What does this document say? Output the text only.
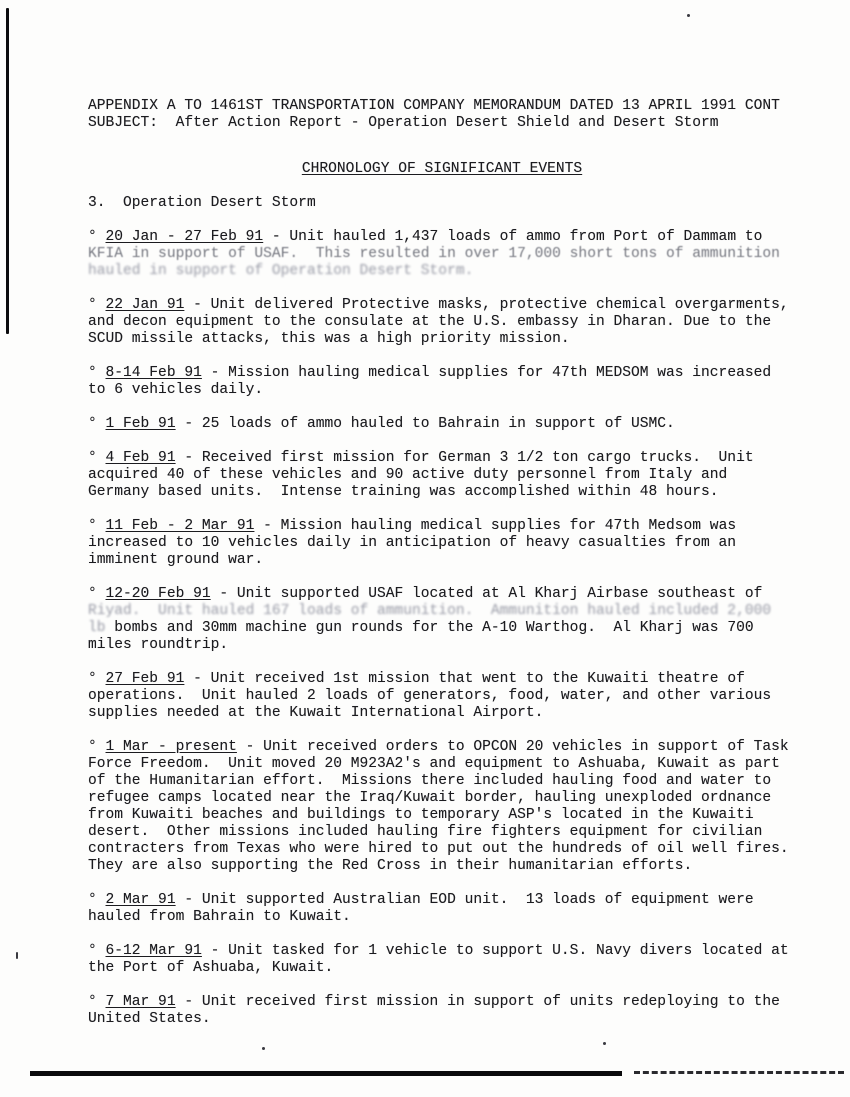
APPENDIX A TO 1461ST TRANSPORTATION COMPANY MEMORANDUM DATED 13 APRIL 1991 CONT

SUBJECT:  After Action Report - Operation Desert Shield and Desert Storm

CHRONOLOGY OF SIGNIFICANT EVENTS

3.  Operation Desert Storm

° 20 Jan - 27 Feb 91 - Unit hauled 1,437 loads of ammo from Port of Dammam to KFIA in support of USAF.  This resulted in over 17,000 short tons of ammunition hauled in support of Operation Desert Storm.

° 22 Jan 91 - Unit delivered Protective masks, protective chemical overgarments, and decon equipment to the consulate at the U.S. embassy in Dharan. Due to the SCUD missile attacks, this was a high priority mission.

° 8-14 Feb 91 - Mission hauling medical supplies for 47th MEDSOM was increased to 6 vehicles daily.

° 1 Feb 91 - 25 loads of ammo hauled to Bahrain in support of USMC.

° 4 Feb 91 - Received first mission for German 3 1/2 ton cargo trucks.  Unit acquired 40 of these vehicles and 90 active duty personnel from Italy and Germany based units.  Intense training was accomplished within 48 hours.

° 11 Feb - 2 Mar 91 - Mission hauling medical supplies for 47th Medsom was increased to 10 vehicles daily in anticipation of heavy casualties from an imminent ground war.

° 12-20 Feb 91 - Unit supported USAF located at Al Kharj Airbase southeast of Riyad.  Unit hauled 167 loads of ammunition.  Ammunition hauled included 2,000 lb bombs and 30mm machine gun rounds for the A-10 Warthog.  Al Kharj was 700 miles roundtrip.

° 27 Feb 91 - Unit received 1st mission that went to the Kuwaiti theatre of operations.  Unit hauled 2 loads of generators, food, water, and other various supplies needed at the Kuwait International Airport.

° 1 Mar - present - Unit received orders to OPCON 20 vehicles in support of Task Force Freedom.  Unit moved 20 M923A2's and equipment to Ashuaba, Kuwait as part of the Humanitarian effort.  Missions there included hauling food and water to refugee camps located near the Iraq/Kuwait border, hauling unexploded ordnance from Kuwaiti beaches and buildings to temporary ASP's located in the Kuwaiti desert.  Other missions included hauling fire fighters equipment for civilian contracters from Texas who were hired to put out the hundreds of oil well fires. They are also supporting the Red Cross in their humanitarian efforts.

° 2 Mar 91 - Unit supported Australian EOD unit.  13 loads of equipment were hauled from Bahrain to Kuwait.

° 6-12 Mar 91 - Unit tasked for 1 vehicle to support U.S. Navy divers located at the Port of Ashuaba, Kuwait.

° 7 Mar 91 - Unit received first mission in support of units redeploying to the United States.
